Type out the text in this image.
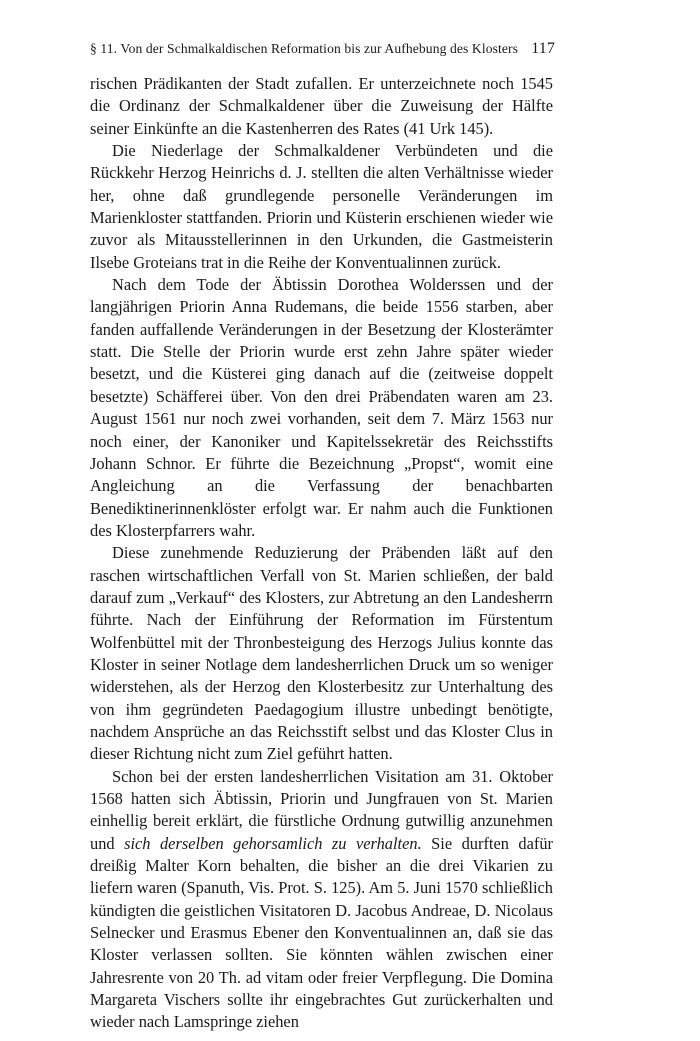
§ 11. Von der Schmalkaldischen Reformation bis zur Aufhebung des Klosters 117

rischen Prädikanten der Stadt zufallen. Er unterzeichnete noch 1545 die Ordinanz der Schmalkaldener über die Zuweisung der Hälfte seiner Einkünfte an die Kastenherren des Rates (41 Urk 145).

Die Niederlage der Schmalkaldener Verbündeten und die Rückkehr Herzog Heinrichs d. J. stellten die alten Verhältnisse wieder her, ohne daß grundlegende personelle Veränderungen im Marienkloster stattfanden. Priorin und Küsterin erschienen wieder wie zuvor als Mitausstellerinnen in den Urkunden, die Gastmeisterin Ilsebe Groteians trat in die Reihe der Konventualinnen zurück.

Nach dem Tode der Äbtissin Dorothea Wolderssen und der langjährigen Priorin Anna Rudemans, die beide 1556 starben, aber fanden auffallende Veränderungen in der Besetzung der Klosterämter statt. Die Stelle der Priorin wurde erst zehn Jahre später wieder besetzt, und die Küsterei ging danach auf die (zeitweise doppelt besetzte) Schäfferei über. Von den drei Präbendaten waren am 23. August 1561 nur noch zwei vorhanden, seit dem 7. März 1563 nur noch einer, der Kanoniker und Kapitelssekretär des Reichsstifts Johann Schnor. Er führte die Bezeichnung „Propst“, womit eine Angleichung an die Verfassung der benachbarten Benediktinerinnenklöster erfolgt war. Er nahm auch die Funktionen des Klosterpfarrers wahr.

Diese zunehmende Reduzierung der Präbenden läßt auf den raschen wirtschaftlichen Verfall von St. Marien schließen, der bald darauf zum „Verkauf“ des Klosters, zur Abtretung an den Landesherrn führte. Nach der Einführung der Reformation im Fürstentum Wolfenbüttel mit der Thronbesteigung des Herzogs Julius konnte das Kloster in seiner Notlage dem landesherrlichen Druck um so weniger widerstehen, als der Herzog den Klosterbesitz zur Unterhaltung des von ihm gegründeten Paedagogium illustre unbedingt benötigte, nachdem Ansprüche an das Reichsstift selbst und das Kloster Clus in dieser Richtung nicht zum Ziel geführt hatten.

Schon bei der ersten landesherrlichen Visitation am 31. Oktober 1568 hatten sich Äbtissin, Priorin und Jungfrauen von St. Marien einhellig bereit erklärt, die fürstliche Ordnung gutwillig anzunehmen und sich derselben gehorsamlich zu verhalten. Sie durften dafür dreißig Malter Korn behalten, die bisher an die drei Vikarien zu liefern waren (Spanuth, Vis. Prot. S. 125). Am 5. Juni 1570 schließlich kündigten die geistlichen Visitatoren D. Jacobus Andreae, D. Nicolaus Selnecker und Erasmus Ebener den Konventualinnen an, daß sie das Kloster verlassen sollten. Sie könnten wählen zwischen einer Jahresrente von 20 Th. ad vitam oder freier Verpflegung. Die Domina Margareta Vischers sollte ihr eingebrachtes Gut zurückerhalten und wieder nach Lamspringe ziehen
